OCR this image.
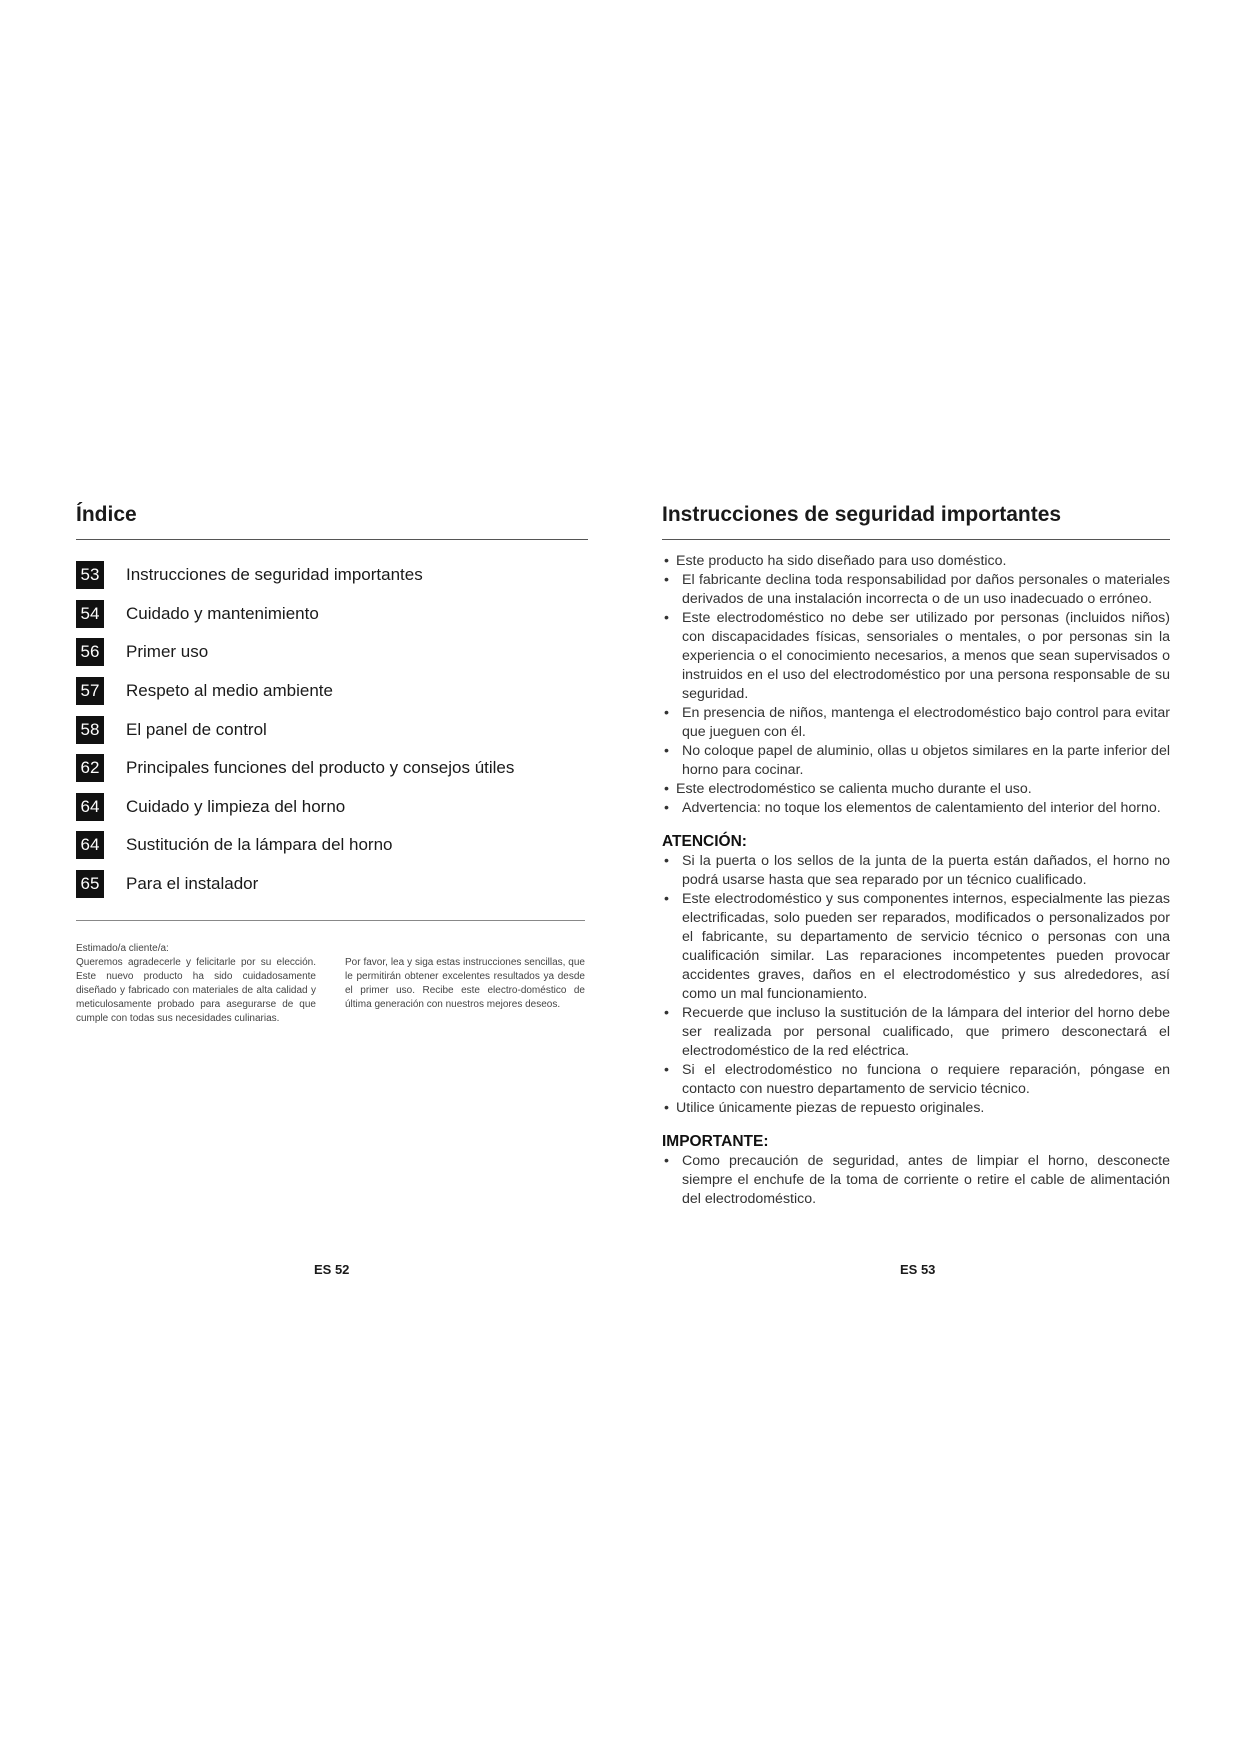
Índice
53 Instrucciones de seguridad importantes
54 Cuidado y mantenimiento
56 Primer uso
57 Respeto al medio ambiente
58 El panel de control
62 Principales funciones del producto y consejos útiles
64 Cuidado y limpieza del horno
64 Sustitución de la lámpara del horno
65 Para el instalador
Estimado/a cliente/a:
Queremos agradecerle y felicitarle por su elección. Este nuevo producto ha sido cuidadosamente diseñado y fabricado con materiales de alta calidad y meticulosamente probado para asegurarse de que cumple con todas sus necesidades culinarias.
Por favor, lea y siga estas instrucciones sencillas, que le permitirán obtener excelentes resultados ya desde el primer uso. Recibe este electro-doméstico de última generación con nuestros mejores deseos.
ES 52
Instrucciones de seguridad importantes
• Este producto ha sido diseñado para uso doméstico.
• El fabricante declina toda responsabilidad por daños personales o materiales derivados de una instalación incorrecta o de un uso inadecuado o erróneo.
• Este electrodoméstico no debe ser utilizado por personas (incluidos niños) con discapacidades físicas, sensoriales o mentales, o por personas sin la experiencia o el conocimiento necesarios, a menos que sean supervisados o instruidos en el uso del electrodoméstico por una persona responsable de su seguridad.
• En presencia de niños, mantenga el electrodoméstico bajo control para evitar que jueguen con él.
• No coloque papel de aluminio, ollas u objetos similares en la parte inferior del horno para cocinar.
• Este electrodoméstico se calienta mucho durante el uso.
• Advertencia: no toque los elementos de calentamiento del interior del horno.
ATENCIÓN:
• Si la puerta o los sellos de la junta de la puerta están dañados, el horno no podrá usarse hasta que sea reparado por un técnico cualificado.
• Este electrodoméstico y sus componentes internos, especialmente las piezas electrificadas, solo pueden ser reparados, modificados o personalizados por el fabricante, su departamento de servicio técnico o personas con una cualificación similar. Las reparaciones incompetentes pueden provocar accidentes graves, daños en el electrodoméstico y sus alrededores, así como un mal funcionamiento.
• Recuerde que incluso la sustitución de la lámpara del interior del horno debe ser realizada por personal cualificado, que primero desconectará el electrodoméstico de la red eléctrica.
• Si el electrodoméstico no funciona o requiere reparación, póngase en contacto con nuestro departamento de servicio técnico.
• Utilice únicamente piezas de repuesto originales.
IMPORTANTE:
• Como precaución de seguridad, antes de limpiar el horno, desconecte siempre el enchufe de la toma de corriente o retire el cable de alimentación del electrodoméstico.
ES 53
